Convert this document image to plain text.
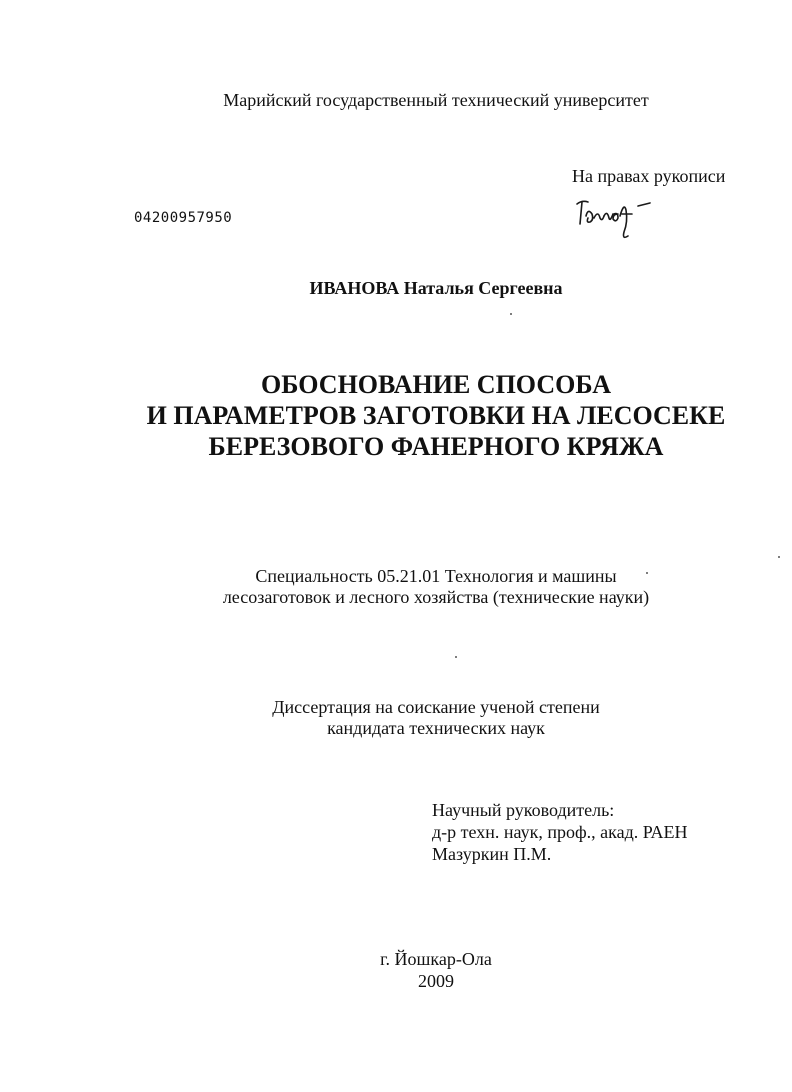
Марийский государственный технический университет
На правах рукописи
04200957950
ИВАНОВА Наталья Сергеевна
ОБОСНОВАНИЕ СПОСОБА
И ПАРАМЕТРОВ ЗАГОТОВКИ НА ЛЕСОСЕКЕ
БЕРЕЗОВОГО ФАНЕРНОГО КРЯЖА
Специальность 05.21.01 Технология и машины
лесозаготовок и лесного хозяйства (технические науки)
Диссертация на соискание ученой степени
кандидата технических наук
Научный руководитель:
д-р техн. наук, проф., акад. РАЕН
Мазуркин П.М.
г. Йошкар-Ола
2009
